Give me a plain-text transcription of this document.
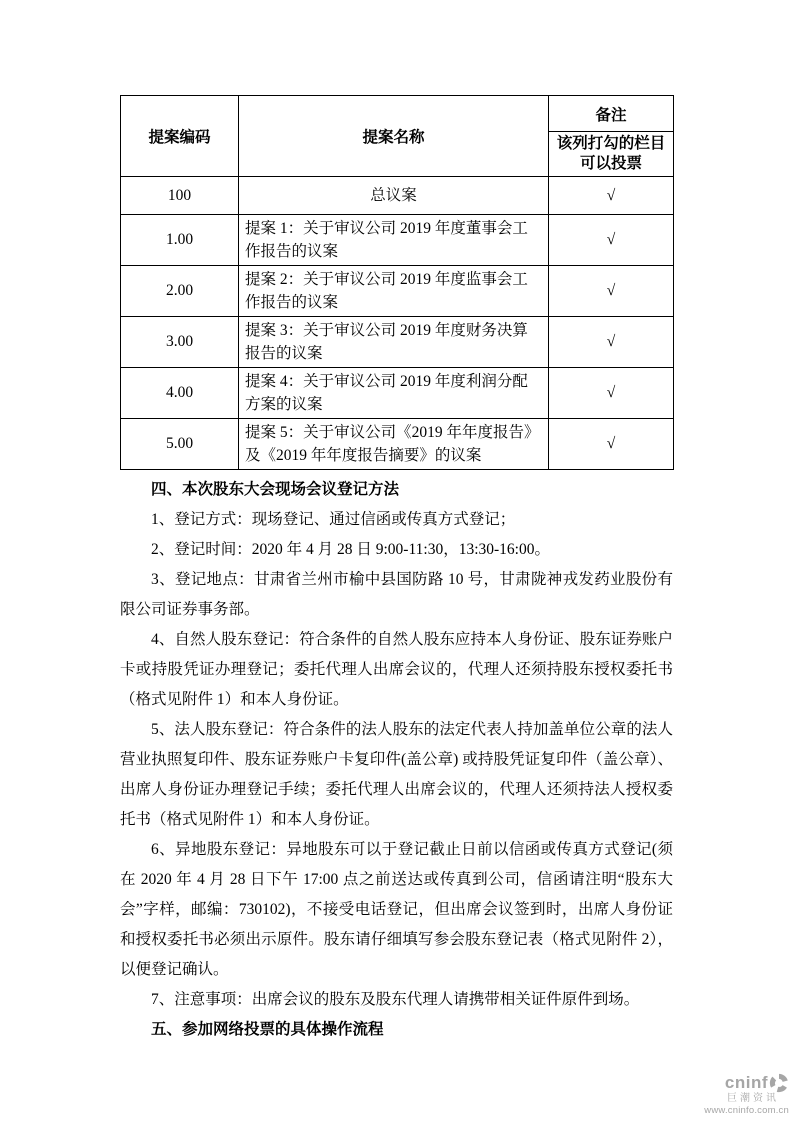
提案编码	提案名称	备注
		该列打勾的栏目可以投票
100	总议案	√
1.00	提案 1：关于审议公司 2019 年度董事会工作报告的议案	√
2.00	提案 2：关于审议公司 2019 年度监事会工作报告的议案	√
3.00	提案 3：关于审议公司 2019 年度财务决算报告的议案	√
4.00	提案 4：关于审议公司 2019 年度利润分配方案的议案	√
5.00	提案 5：关于审议公司《2019 年年度报告》及《2019 年年度报告摘要》的议案	√

四、本次股东大会现场会议登记方法

1、登记方式：现场登记、通过信函或传真方式登记；

2、登记时间：2020 年 4 月 28 日 9:00-11:30，13:30-16:00。

3、登记地点：甘肃省兰州市榆中县国防路 10 号，甘肃陇神戎发药业股份有限公司证券事务部。

4、自然人股东登记：符合条件的自然人股东应持本人身份证、股东证券账户卡或持股凭证办理登记；委托代理人出席会议的，代理人还须持股东授权委托书（格式见附件 1）和本人身份证。

5、法人股东登记：符合条件的法人股东的法定代表人持加盖单位公章的法人营业执照复印件、股东证券账户卡复印件(盖公章) 或持股凭证复印件（盖公章）、出席人身份证办理登记手续；委托代理人出席会议的，代理人还须持法人授权委托书（格式见附件 1）和本人身份证。

6、异地股东登记：异地股东可以于登记截止日前以信函或传真方式登记(须在 2020 年 4 月 28 日下午 17:00 点之前送达或传真到公司，信函请注明“股东大会”字样，邮编：730102)，不接受电话登记，但出席会议签到时，出席人身份证和授权委托书必须出示原件。股东请仔细填写参会股东登记表（格式见附件 2），以便登记确认。

7、注意事项：出席会议的股东及股东代理人请携带相关证件原件到场。

五、参加网络投票的具体操作流程

cninf
巨潮资讯
www.cninfo.com.cn
